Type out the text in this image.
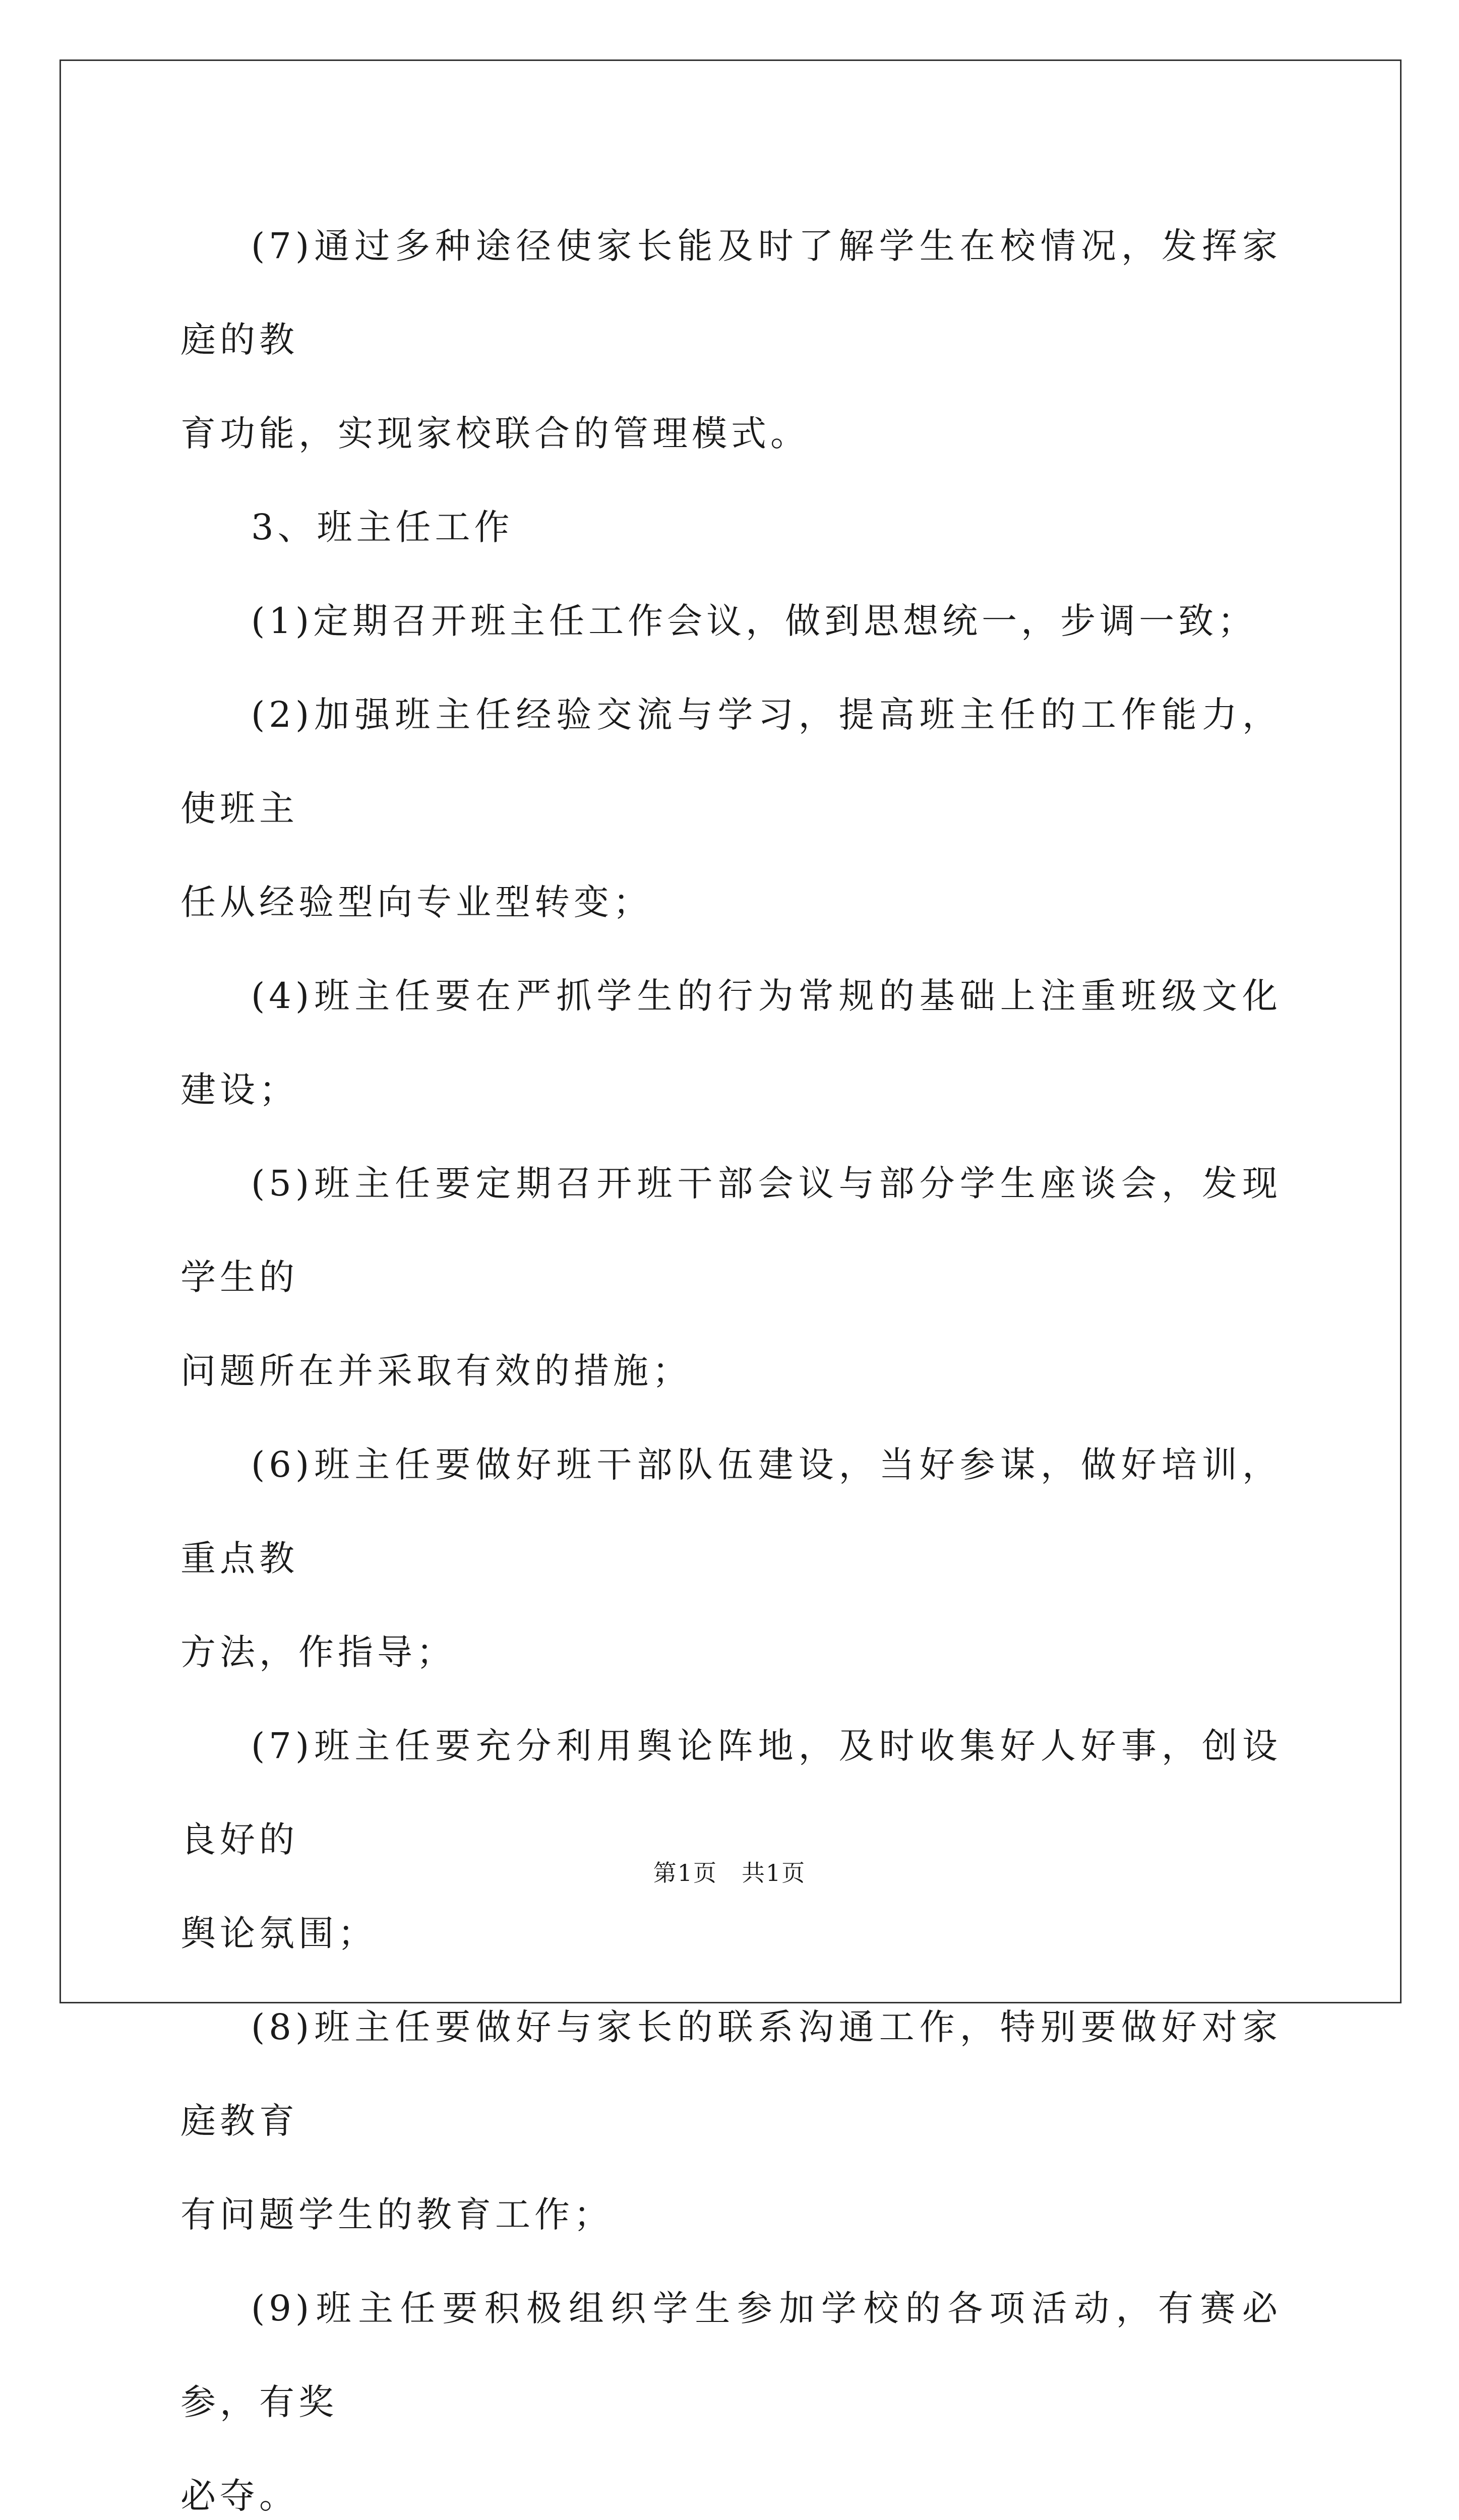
(7)通过多种途径使家长能及时了解学生在校情况，发挥家庭的教
育功能，实现家校联合的管理模式。

3、班主任工作

(1)定期召开班主任工作会议，做到思想统一，步调一致；

(2)加强班主任经验交流与学习，提高班主任的工作能力，使班主
任从经验型向专业型转变；

(4)班主任要在严抓学生的行为常规的基础上注重班级文化建设；

(5)班主任要定期召开班干部会议与部分学生座谈会，发现学生的
问题所在并采取有效的措施；

(6)班主任要做好班干部队伍建设，当好参谋，做好培训，重点教
方法，作指导；

(7)班主任要充分利用舆论阵地，及时收集好人好事，创设良好的
舆论氛围；

(8)班主任要做好与家长的联系沟通工作，特别要做好对家庭教育
有问题学生的教育工作；

(9)班主任要积极组织学生参加学校的各项活动，有赛必参，有奖
必夺。

第1页　共1页
